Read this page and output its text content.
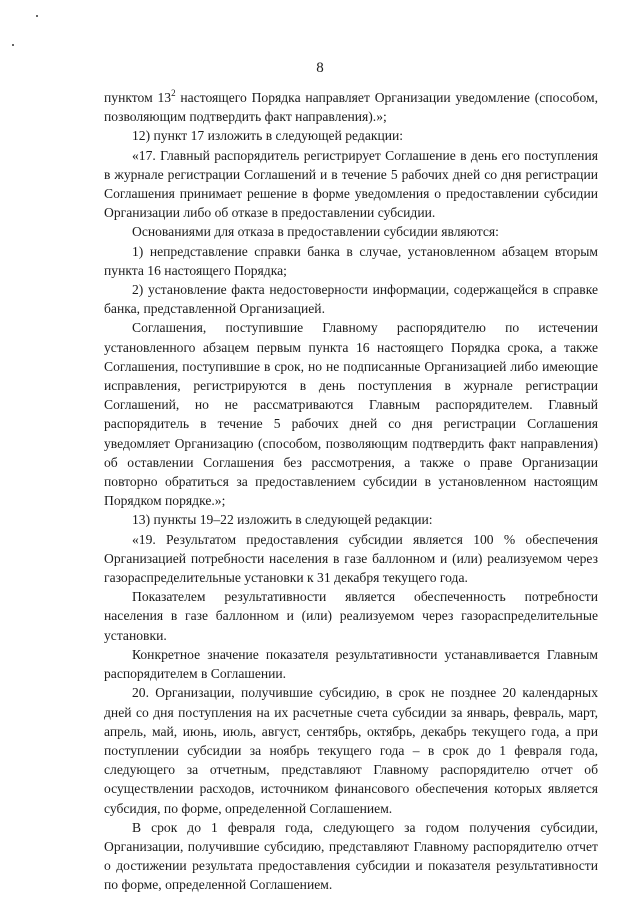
8

пунктом $13^2$ настоящего Порядка направляет Организации уведомление (способом, позволяющим подтвердить факт направления).»;

12) пункт 17 изложить в следующей редакции:

«17. Главный распорядитель регистрирует Соглашение в день его поступления в журнале регистрации Соглашений и в течение 5 рабочих дней со дня регистрации Соглашения принимает решение в форме уведомления о предоставлении субсидии Организации либо об отказе в предоставлении субсидии.

Основаниями для отказа в предоставлении субсидии являются:

1) непредставление справки банка в случае, установленном абзацем вторым пункта 16 настоящего Порядка;

2) установление факта недостоверности информации, содержащейся в справке банка, представленной Организацией.

Соглашения, поступившие Главному распорядителю по истечении установленного абзацем первым пункта 16 настоящего Порядка срока, а также Соглашения, поступившие в срок, но не подписанные Организацией либо имеющие исправления, регистрируются в день поступления в журнале регистрации Соглашений, но не рассматриваются Главным распорядителем. Главный распорядитель в течение 5 рабочих дней со дня регистрации Соглашения уведомляет Организацию (способом, позволяющим подтвердить факт направления) об оставлении Соглашения без рассмотрения, а также о праве Организации повторно обратиться за предоставлением субсидии в установленном настоящим Порядком порядке.»;

13) пункты 19–22 изложить в следующей редакции:

«19. Результатом предоставления субсидии является 100 % обеспечения Организацией потребности населения в газе баллонном и (или) реализуемом через газораспределительные установки к 31 декабря текущего года.

Показателем результативности является обеспеченность потребности населения в газе баллонном и (или) реализуемом через газораспределительные установки.

Конкретное значение показателя результативности устанавливается Главным распорядителем в Соглашении.

20. Организации, получившие субсидию, в срок не позднее 20 календарных дней со дня поступления на их расчетные счета субсидии за январь, февраль, март, апрель, май, июнь, июль, август, сентябрь, октябрь, декабрь текущего года, а при поступлении субсидии за ноябрь текущего года – в срок до 1 февраля года, следующего за отчетным, представляют Главному распорядителю отчет об осуществлении расходов, источником финансового обеспечения которых является субсидия, по форме, определенной Соглашением.

В срок до 1 февраля года, следующего за годом получения субсидии, Организации, получившие субсидию, представляют Главному распорядителю отчет о достижении результата предоставления субсидии и показателя результативности по форме, определенной Соглашением.
